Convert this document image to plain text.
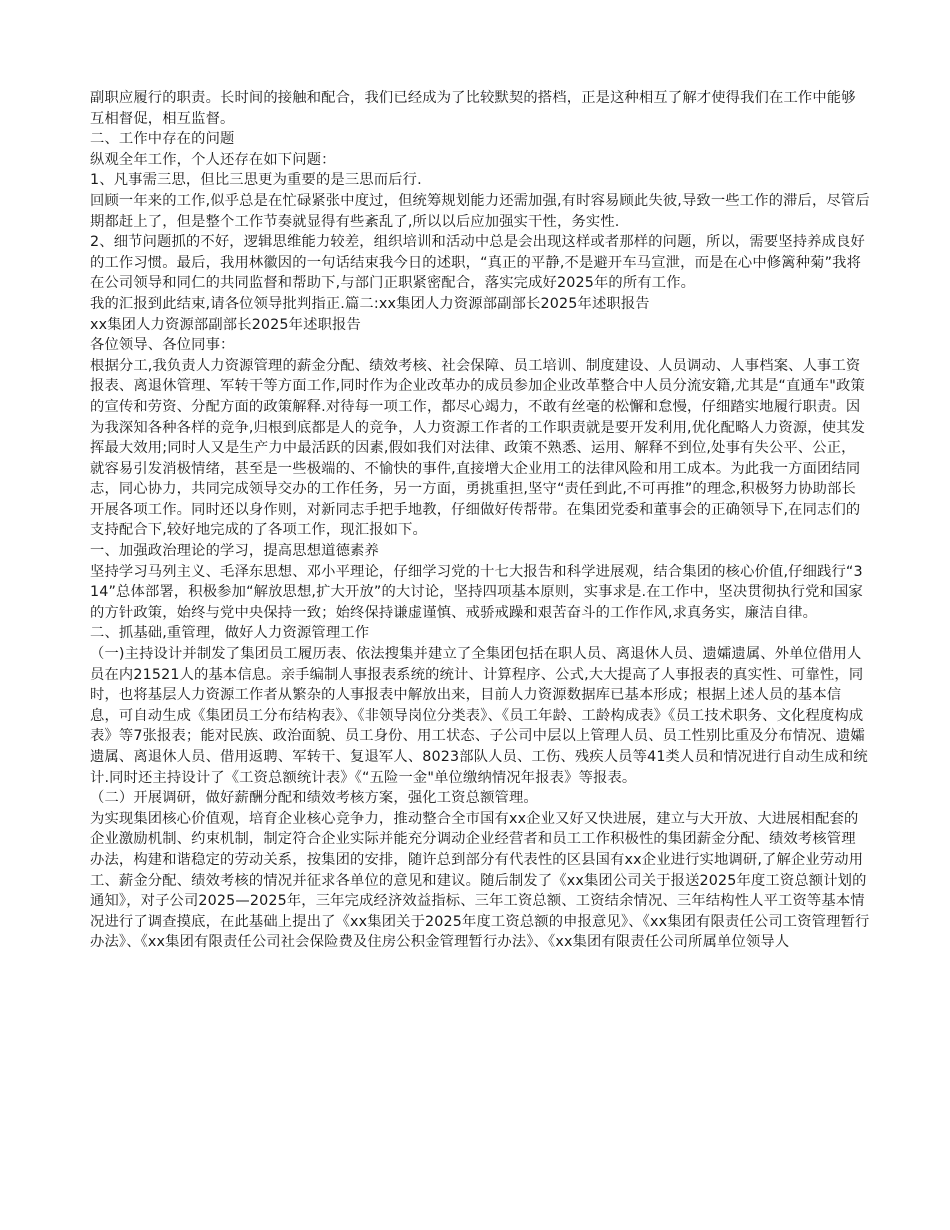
副职应履行的职责。长时间的接触和配合，我们已经成为了比较默契的搭档，正是这种相互了解才使得我们在工作中能够互相督促，相互监督。

二、工作中存在的问题

纵观全年工作，个人还存在如下问题：

1、凡事需三思，但比三思更为重要的是三思而后行.

回顾一年来的工作,似乎总是在忙碌紧张中度过，但统筹规划能力还需加强,有时容易顾此失彼,导致一些工作的滞后，尽管后期都赶上了，但是整个工作节奏就显得有些紊乱了,所以以后应加强实干性，务实性.

2、细节问题抓的不好，逻辑思维能力较差，组织培训和活动中总是会出现这样或者那样的问题，所以，需要坚持养成良好的工作习惯。最后，我用林徽因的一句话结束我今日的述职，“真正的平静,不是避开车马宣泄，而是在心中修篱种菊”我将在公司领导和同仁的共同监督和帮助下,与部门正职紧密配合，落实完成好2025年的所有工作。

我的汇报到此结束,请各位领导批判指正.篇二:xx集团人力资源部副部长2025年述职报告

xx集团人力资源部副部长2025年述职报告

各位领导、各位同事：

根据分工,我负责人力资源管理的薪金分配、绩效考核、社会保障、员工培训、制度建设、人员调动、人事档案、人事工资报表、离退休管理、军转干等方面工作,同时作为企业改革办的成员参加企业改革整合中人员分流安籍,尤其是“直通车"政策的宣传和劳资、分配方面的政策解释.对待每一项工作，都尽心竭力，不敢有丝毫的松懈和怠慢，仔细踏实地履行职责。因为我深知各种各样的竞争,归根到底都是人的竞争，人力资源工作者的工作职责就是要开发利用,优化配略人力资源，使其发挥最大效用;同时人又是生产力中最活跃的因素,假如我们对法律、政策不熟悉、运用、解释不到位,处事有失公平、公正，就容易引发消极情绪，甚至是一些极端的、不愉快的事件,直接增大企业用工的法律风险和用工成本。为此我一方面团结同志，同心协力，共同完成领导交办的工作任务，另一方面，勇挑重担,坚守“责任到此,不可再推”的理念,积极努力协助部长开展各项工作。同时还以身作则，对新同志手把手地教，仔细做好传帮带。在集团党委和董事会的正确领导下,在同志们的支持配合下,较好地完成的了各项工作，现汇报如下。

一、加强政治理论的学习，提高思想道德素养

坚持学习马列主义、毛泽东思想、邓小平理论，仔细学习党的十七大报告和科学进展观，结合集团的核心价值,仔细践行“314”总体部署，积极参加“解放思想,扩大开放”的大讨论，坚持四项基本原则，实事求是.在工作中，坚决贯彻执行党和国家的方针政策，始终与党中央保持一致；始终保持谦虚谨慎、戒骄戒躁和艰苦奋斗的工作作风,求真务实，廉洁自律。

二、抓基础,重管理，做好人力资源管理工作

（一)主持设计并制发了集团员工履历表、依法搜集并建立了全集团包括在职人员、离退休人员、遗孀遗属、外单位借用人员在内21521人的基本信息。亲手编制人事报表系统的统计、计算程序、公式,大大提高了人事报表的真实性、可靠性，同时，也将基层人力资源工作者从繁杂的人事报表中解放出来，目前人力资源数据库已基本形成；根据上述人员的基本信息，可自动生成《集团员工分布结构表》、《非领导岗位分类表》、《员工年龄、工龄构成表》《员工技术职务、文化程度构成表》等7张报表；能对民族、政治面貌、员工身份、用工状态、子公司中层以上管理人员、员工性别比重及分布情况、遗孀遗属、离退休人员、借用返聘、军转干、复退军人、8023部队人员、工伤、残疾人员等41类人员和情况进行自动生成和统计.同时还主持设计了《工资总额统计表》《“五险一金"单位缴纳情况年报表》等报表。

（二）开展调研，做好薪酬分配和绩效考核方案，强化工资总额管理。

为实现集团核心价值观，培育企业核心竞争力，推动整合全市国有xx企业又好又快进展，建立与大开放、大进展相配套的企业激励机制、约束机制，制定符合企业实际并能充分调动企业经营者和员工工作积极性的集团薪金分配、绩效考核管理办法，构建和谐稳定的劳动关系，按集团的安排，随许总到部分有代表性的区县国有xx企业进行实地调研,了解企业劳动用工、薪金分配、绩效考核的情况并征求各单位的意见和建议。随后制发了《xx集团公司关于报送2025年度工资总额计划的通知》，对子公司2025—2025年，三年完成经济效益指标、三年工资总额、工资结余情况、三年结构性人平工资等基本情况进行了调查摸底，在此基础上提出了《xx集团关于2025年度工资总额的申报意见》、《xx集团有限责任公司工资管理暂行办法》、《xx集团有限责任公司社会保险费及住房公积金管理暂行办法》、《xx集团有限责任公司所属单位领导人
